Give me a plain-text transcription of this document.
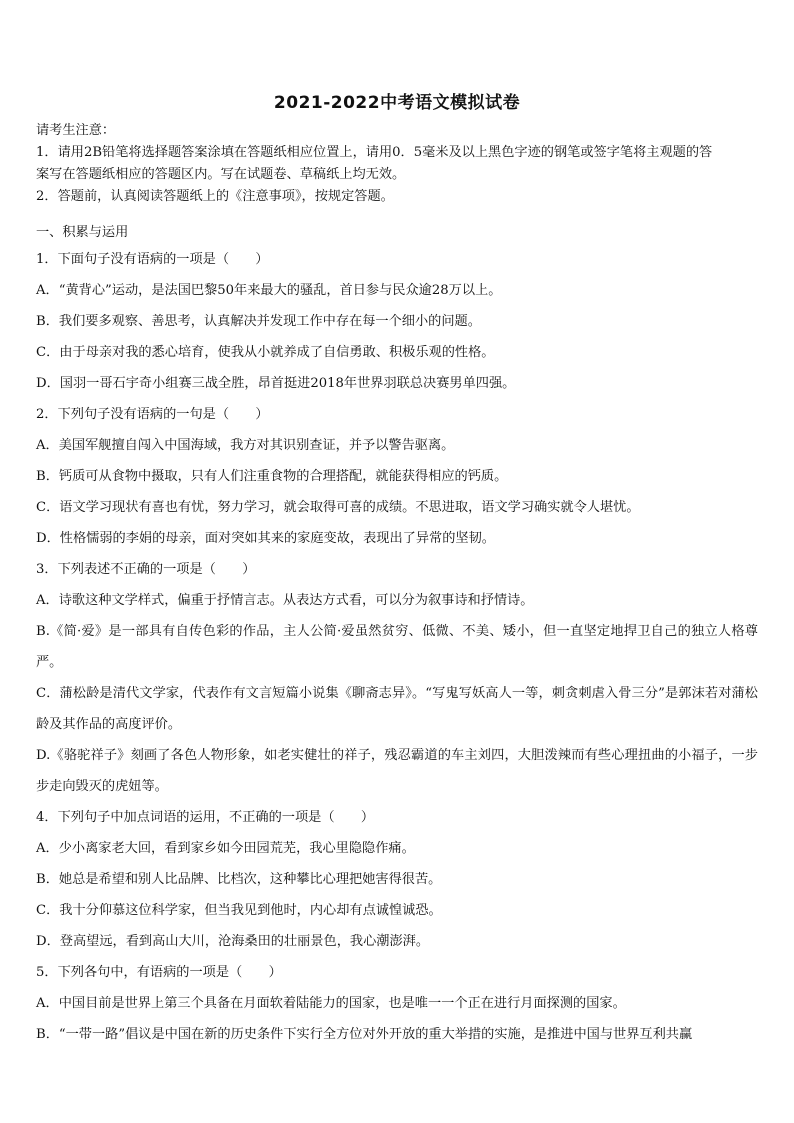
2021-2022中考语文模拟试卷
请考生注意：
1．请用2B铅笔将选择题答案涂填在答题纸相应位置上，请用0．5毫米及以上黑色字迹的钢笔或签字笔将主观题的答
案写在答题纸相应的答题区内。写在试题卷、草稿纸上均无效。
2．答题前，认真阅读答题纸上的《注意事项》，按规定答题。
一、积累与运用
1．下面句子没有语病的一项是（　　）
A．“黄背心”运动，是法国巴黎50年来最大的骚乱，首日参与民众逾28万以上。
B．我们要多观察、善思考，认真解决并发现工作中存在每一个细小的问题。
C．由于母亲对我的悉心培育，使我从小就养成了自信勇敢、积极乐观的性格。
D．国羽一哥石宇奇小组赛三战全胜，昂首挺进2018年世界羽联总决赛男单四强。
2．下列句子没有语病的一句是（　　）
A．美国军舰擅自闯入中国海域，我方对其识别查证，并予以警告驱离。
B．钙质可从食物中摄取，只有人们注重食物的合理搭配，就能获得相应的钙质。
C．语文学习现状有喜也有忧，努力学习，就会取得可喜的成绩。不思进取，语文学习确实就令人堪忧。
D．性格懦弱的李娟的母亲，面对突如其来的家庭变故，表现出了异常的坚韧。
3．下列表述不正确的一项是（　　）
A．诗歌这种文学样式，偏重于抒情言志。从表达方式看，可以分为叙事诗和抒情诗。
B.《简·爱》是一部具有自传色彩的作品，主人公简·爱虽然贫穷、低微、不美、矮小，但一直坚定地捍卫自己的独立人格尊严。
C．蒲松龄是清代文学家，代表作有文言短篇小说集《聊斋志异》。“写鬼写妖高人一等，刺贪刺虐入骨三分”是郭沫若对蒲松龄及其作品的高度评价。
D.《骆驼祥子》刻画了各色人物形象，如老实健壮的祥子，残忍霸道的车主刘四，大胆泼辣而有些心理扭曲的小福子，一步步走向毁灭的虎妞等。
4．下列句子中加点词语的运用，不正确的一项是（　　）
A．少小离家老大回，看到家乡如今田园荒芜，我心里隐隐作痛。
B．她总是希望和别人比品牌、比档次，这种攀比心理把她害得很苦。
C．我十分仰慕这位科学家，但当我见到他时，内心却有点诚惶诚恐。
D．登高望远，看到高山大川，沧海桑田的壮丽景色，我心潮澎湃。
5．下列各句中，有语病的一项是（　　）
A．中国目前是世界上第三个具备在月面软着陆能力的国家，也是唯一一个正在进行月面探测的国家。
B．“一带一路”倡议是中国在新的历史条件下实行全方位对外开放的重大举措的实施，是推进中国与世界互利共赢
